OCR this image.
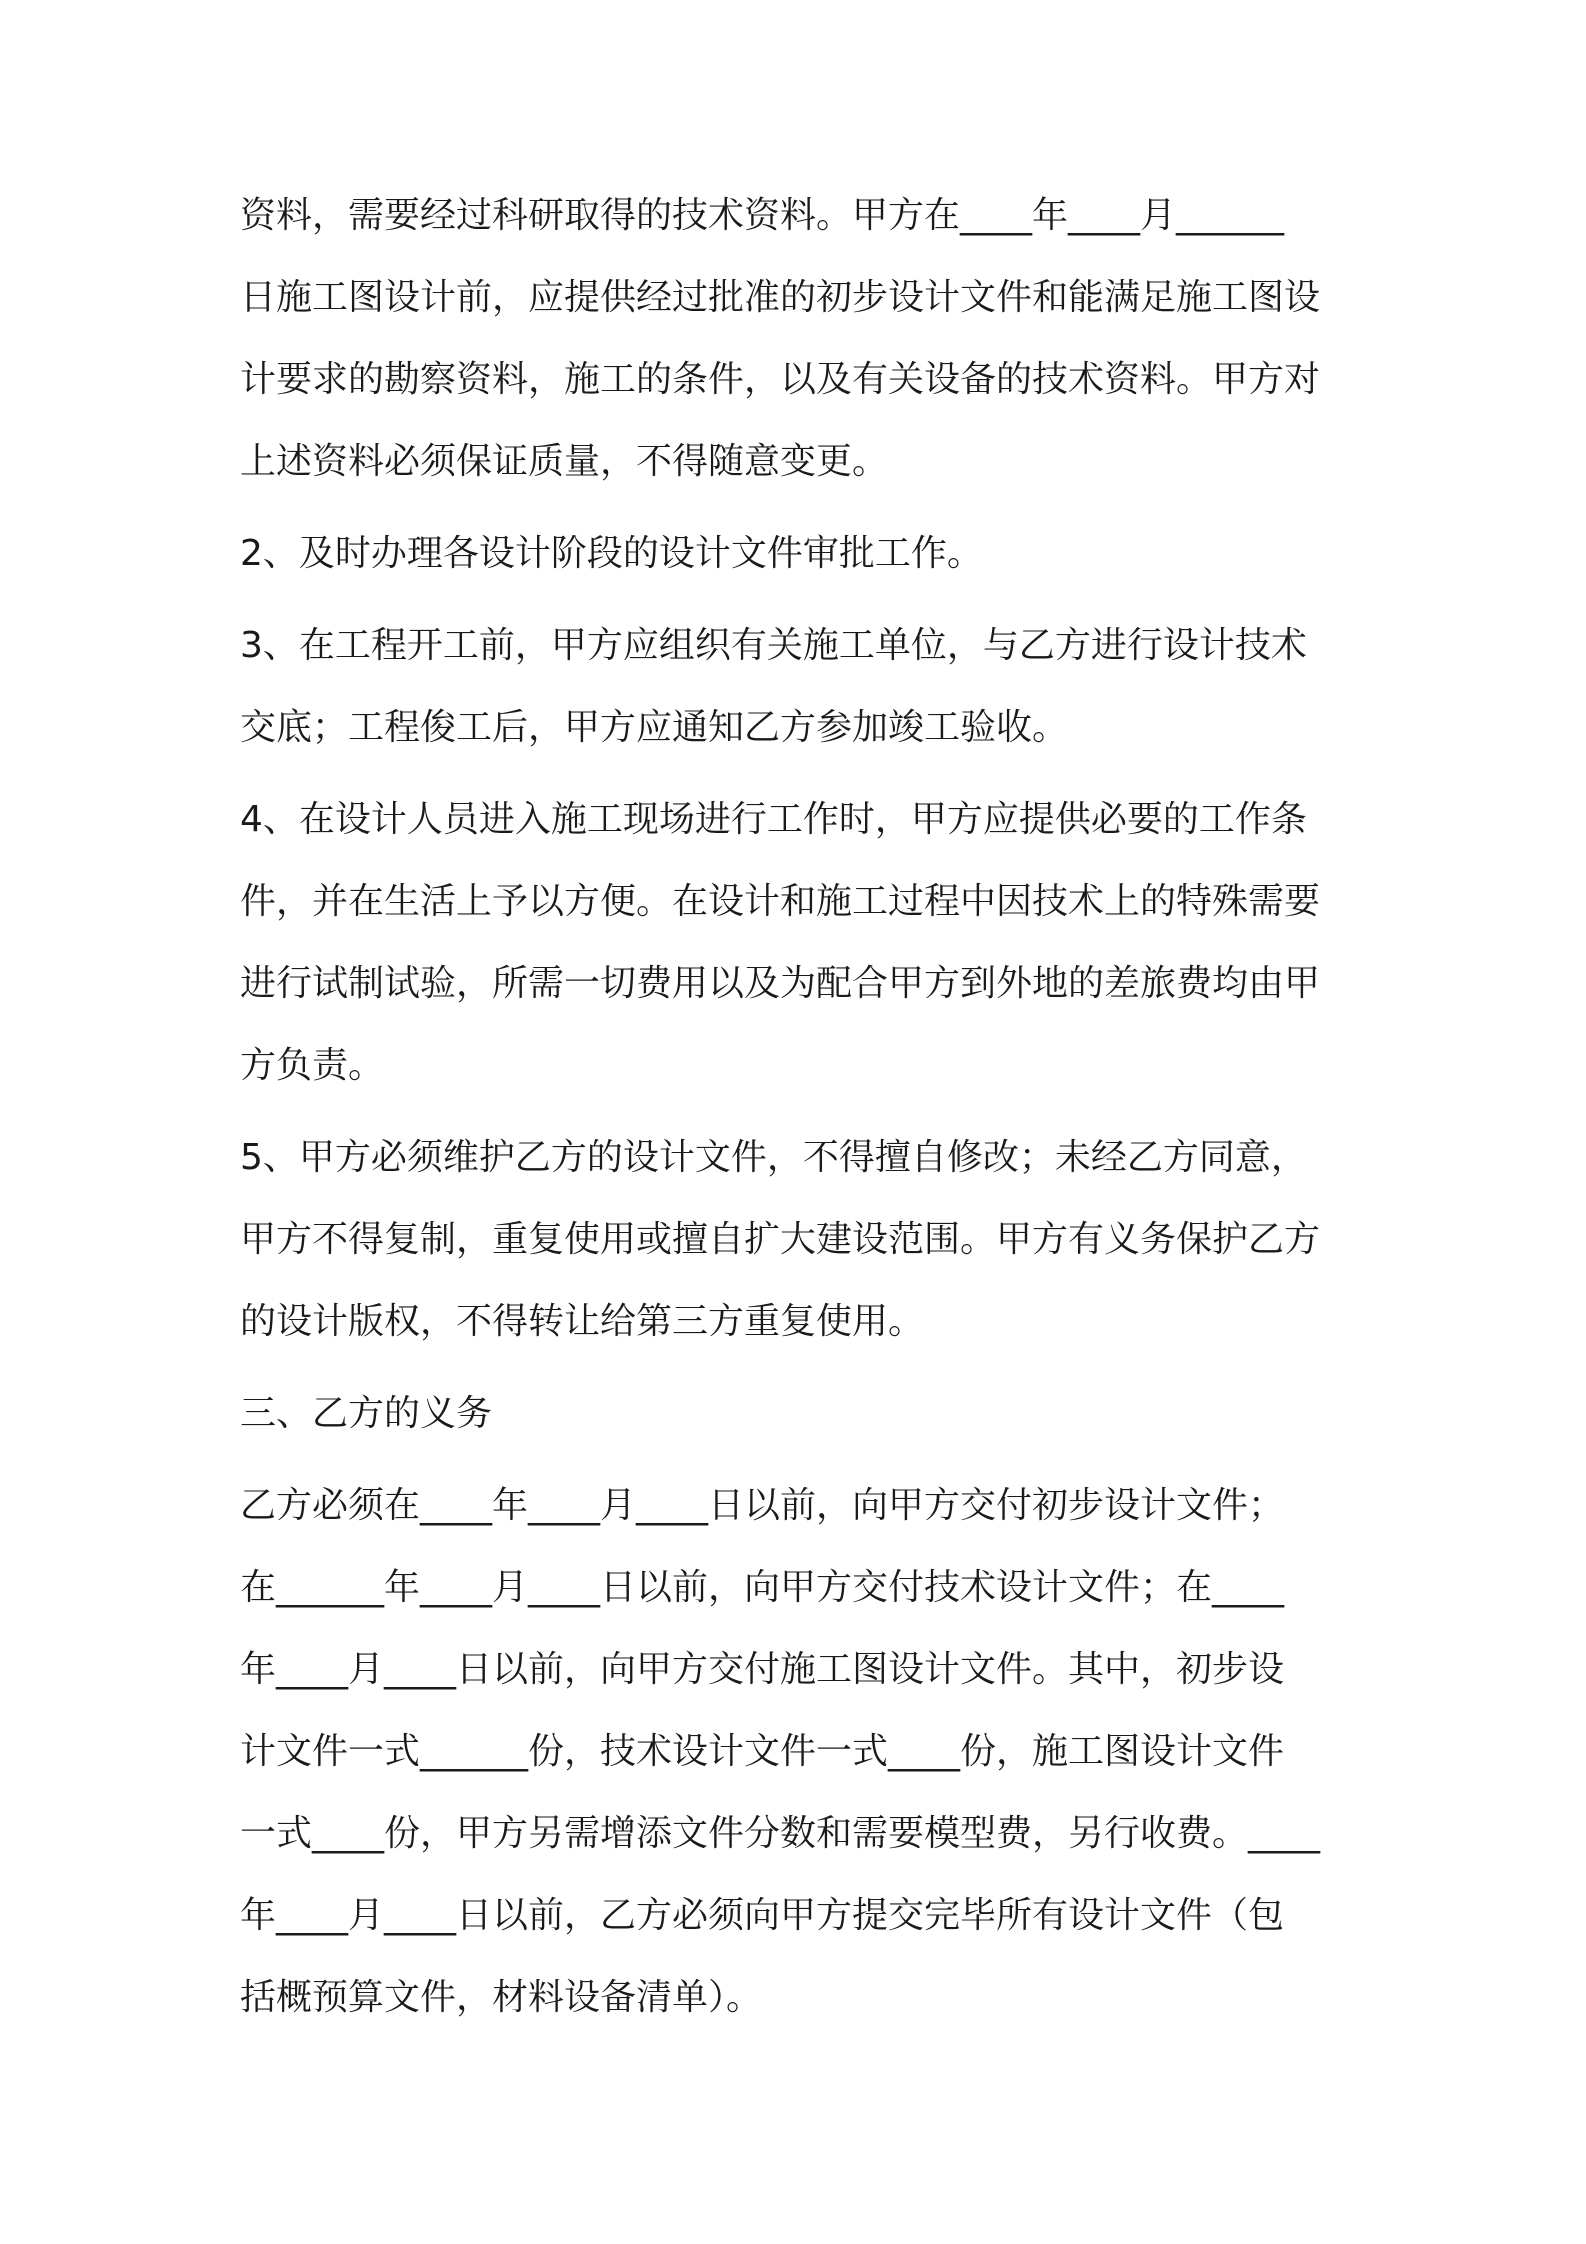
资料，需要经过科研取得的技术资料。甲方在____年____月______
日施工图设计前，应提供经过批准的初步设计文件和能满足施工图设
计要求的勘察资料，施工的条件，以及有关设备的技术资料。甲方对
上述资料必须保证质量，不得随意变更。
2、及时办理各设计阶段的设计文件审批工作。
3、在工程开工前，甲方应组织有关施工单位，与乙方进行设计技术
交底；工程俊工后，甲方应通知乙方参加竣工验收。
4、在设计人员进入施工现场进行工作时，甲方应提供必要的工作条
件，并在生活上予以方便。在设计和施工过程中因技术上的特殊需要
进行试制试验，所需一切费用以及为配合甲方到外地的差旅费均由甲
方负责。
5、甲方必须维护乙方的设计文件，不得擅自修改；未经乙方同意，
甲方不得复制，重复使用或擅自扩大建设范围。甲方有义务保护乙方
的设计版权，不得转让给第三方重复使用。
三、乙方的义务
乙方必须在____年____月____日以前，向甲方交付初步设计文件；
在______年____月____日以前，向甲方交付技术设计文件；在____
年____月____日以前，向甲方交付施工图设计文件。其中，初步设
计文件一式______份，技术设计文件一式____份，施工图设计文件
一式____份，甲方另需增添文件分数和需要模型费，另行收费。____
年____月____日以前，乙方必须向甲方提交完毕所有设计文件（包
括概预算文件，材料设备清单）。
